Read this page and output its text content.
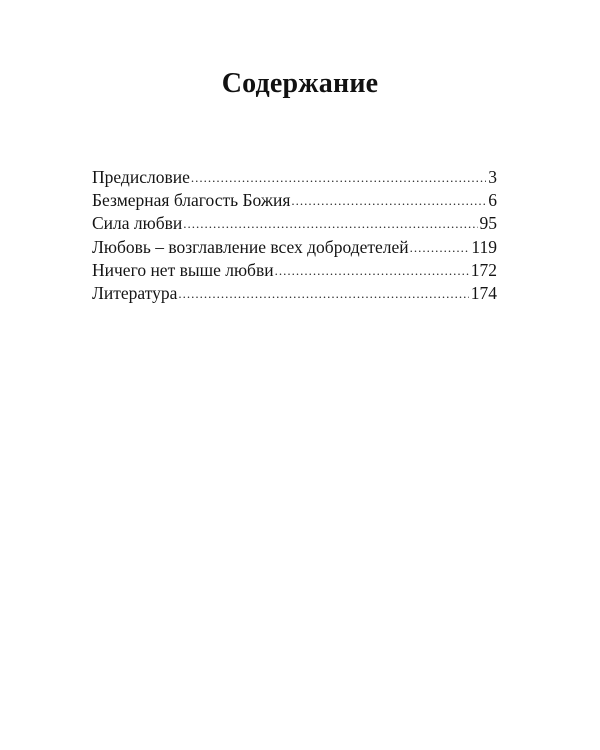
Содержание
Предисловие .....	3
Безмерная благость Божия .....	6
Сила любви .....	95
Любовь – возглавление всех добродетелей .....	119
Ничего нет выше любви .....	172
Литература .....	174
